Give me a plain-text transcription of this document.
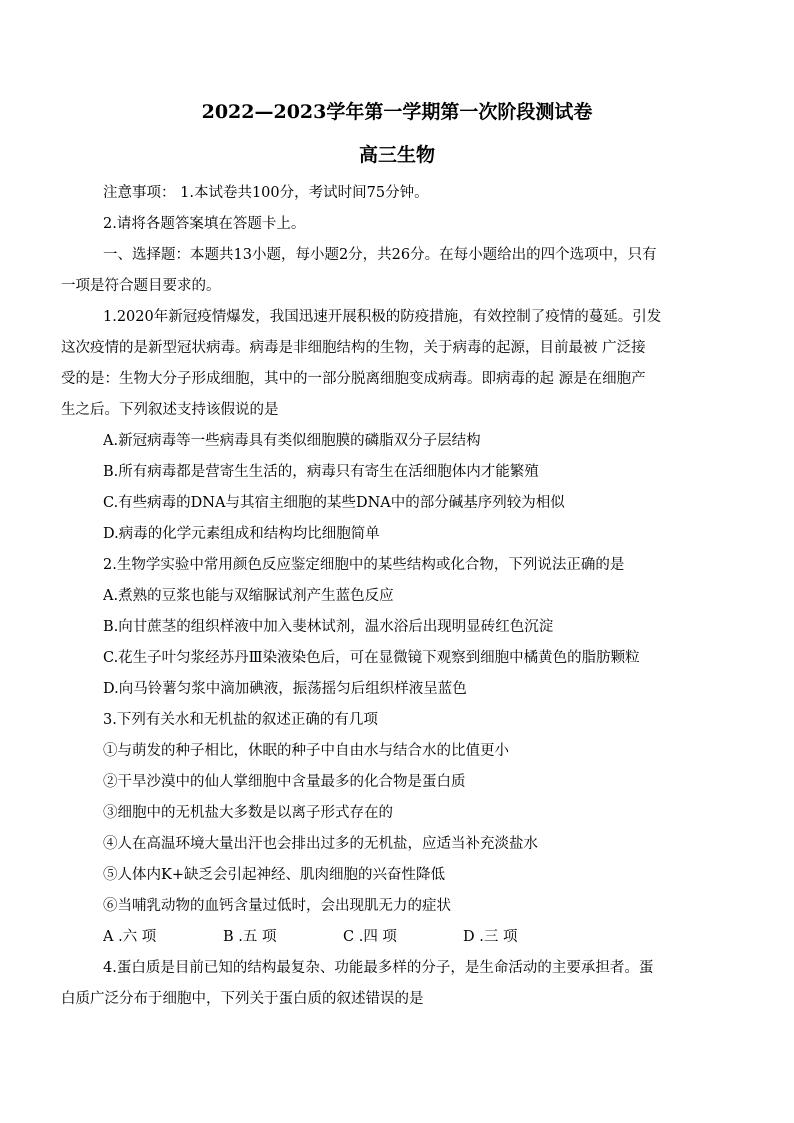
2022—2023学年第一学期第一次阶段测试卷
高三生物
注意事项： 1.本试卷共100分，考试时间75分钟。
2.请将各题答案填在答题卡上。
一、选择题：本题共13小题，每小题2分，共26分。在每小题给出的四个选项中，只有
一项是符合题目要求的。
1.2020年新冠疫情爆发，我国迅速开展积极的防疫措施，有效控制了疫情的蔓延。引发
这次疫情的是新型冠状病毒。病毒是非细胞结构的生物，关于病毒的起源，目前最被 广泛接
受的是：生物大分子形成细胞，其中的一部分脱离细胞变成病毒。即病毒的起 源是在细胞产
生之后。下列叙述支持该假说的是
A.新冠病毒等一些病毒具有类似细胞膜的磷脂双分子层结构
B.所有病毒都是营寄生生活的，病毒只有寄生在活细胞体内才能繁殖
C.有些病毒的DNA与其宿主细胞的某些DNA中的部分碱基序列较为相似
D.病毒的化学元素组成和结构均比细胞简单
2.生物学实验中常用颜色反应鉴定细胞中的某些结构或化合物，下列说法正确的是
A.煮熟的豆浆也能与双缩脲试剂产生蓝色反应
B.向甘蔗茎的组织样液中加入斐林试剂，温水浴后出现明显砖红色沉淀
C.花生子叶匀浆经苏丹Ⅲ染液染色后，可在显微镜下观察到细胞中橘黄色的脂肪颗粒
D.向马铃薯匀浆中滴加碘液，振荡摇匀后组织样液呈蓝色
3.下列有关水和无机盐的叙述正确的有几项
①与萌发的种子相比，休眠的种子中自由水与结合水的比值更小
②干旱沙漠中的仙人掌细胞中含量最多的化合物是蛋白质
③细胞中的无机盐大多数是以离子形式存在的
④人在高温环境大量出汗也会排出过多的无机盐，应适当补充淡盐水
⑤人体内K+缺乏会引起神经、肌肉细胞的兴奋性降低
⑥当哺乳动物的血钙含量过低时，会出现肌无力的症状
A .六 项	B .五 项	C .四 项	D .三 项
4.蛋白质是目前已知的结构最复杂、功能最多样的分子，是生命活动的主要承担者。蛋
白质广泛分布于细胞中，下列关于蛋白质的叙述错误的是
